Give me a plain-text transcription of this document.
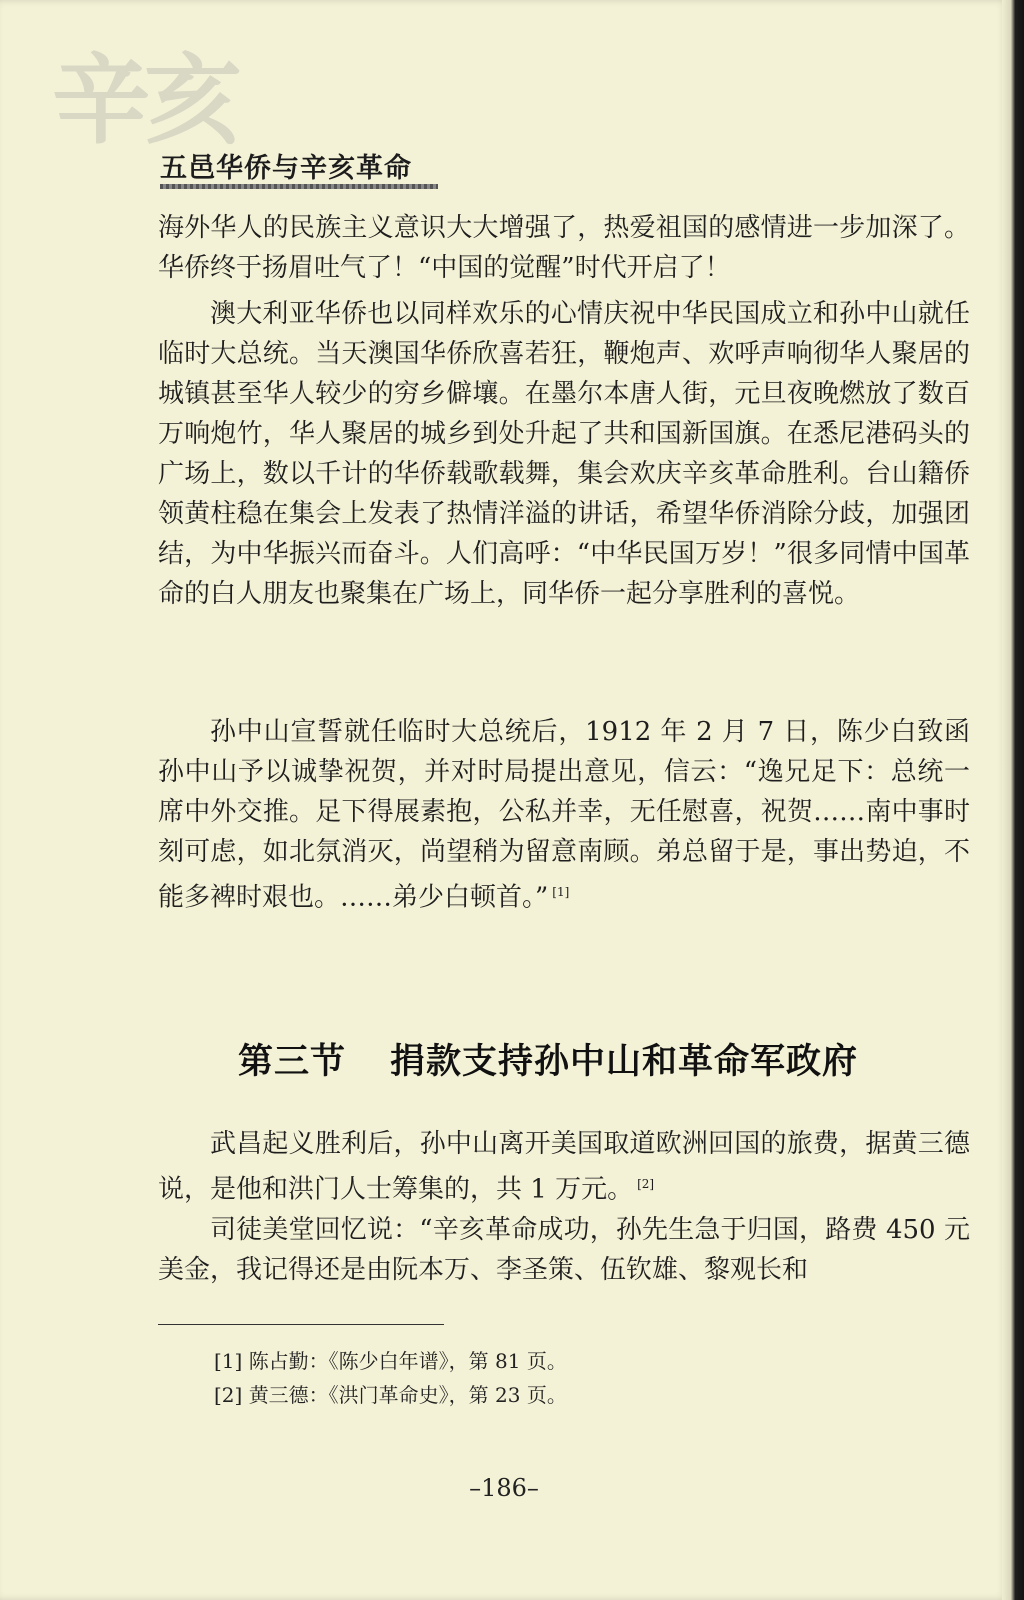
辛亥
五邑华侨与辛亥革命

海外华人的民族主义意识大大增强了，热爱祖国的感情进一步加深了。华侨终于扬眉吐气了！“中国的觉醒”时代开启了！

澳大利亚华侨也以同样欢乐的心情庆祝中华民国成立和孙中山就任临时大总统。当天澳国华侨欣喜若狂，鞭炮声、欢呼声响彻华人聚居的城镇甚至华人较少的穷乡僻壤。在墨尔本唐人街，元旦夜晚燃放了数百万响炮竹，华人聚居的城乡到处升起了共和国新国旗。在悉尼港码头的广场上，数以千计的华侨载歌载舞，集会欢庆辛亥革命胜利。台山籍侨领黄柱稳在集会上发表了热情洋溢的讲话，希望华侨消除分歧，加强团结，为中华振兴而奋斗。人们高呼：“中华民国万岁！”很多同情中国革命的白人朋友也聚集在广场上，同华侨一起分享胜利的喜悦。

孙中山宣誓就任临时大总统后，1912 年 2 月 7 日，陈少白致函孙中山予以诚挚祝贺，并对时局提出意见，信云：“逸兄足下：总统一席中外交推。足下得展素抱，公私并幸，无任慰喜，祝贺……南中事时刻可虑，如北氛消灭，尚望稍为留意南顾。弟总留于是，事出势迫，不能多裨时艰也。……弟少白顿首。” [1]

第三节 捐款支持孙中山和革命军政府

武昌起义胜利后，孙中山离开美国取道欧洲回国的旅费，据黄三德说，是他和洪门人士筹集的，共 1 万元。 [2]

司徒美堂回忆说：“辛亥革命成功，孙先生急于归国，路费 450 元美金，我记得还是由阮本万、李圣策、伍钦雄、黎观长和

[1] 陈占勤：《陈少白年谱》，第 81 页。

[2] 黄三德：《洪门革命史》，第 23 页。

–186–
